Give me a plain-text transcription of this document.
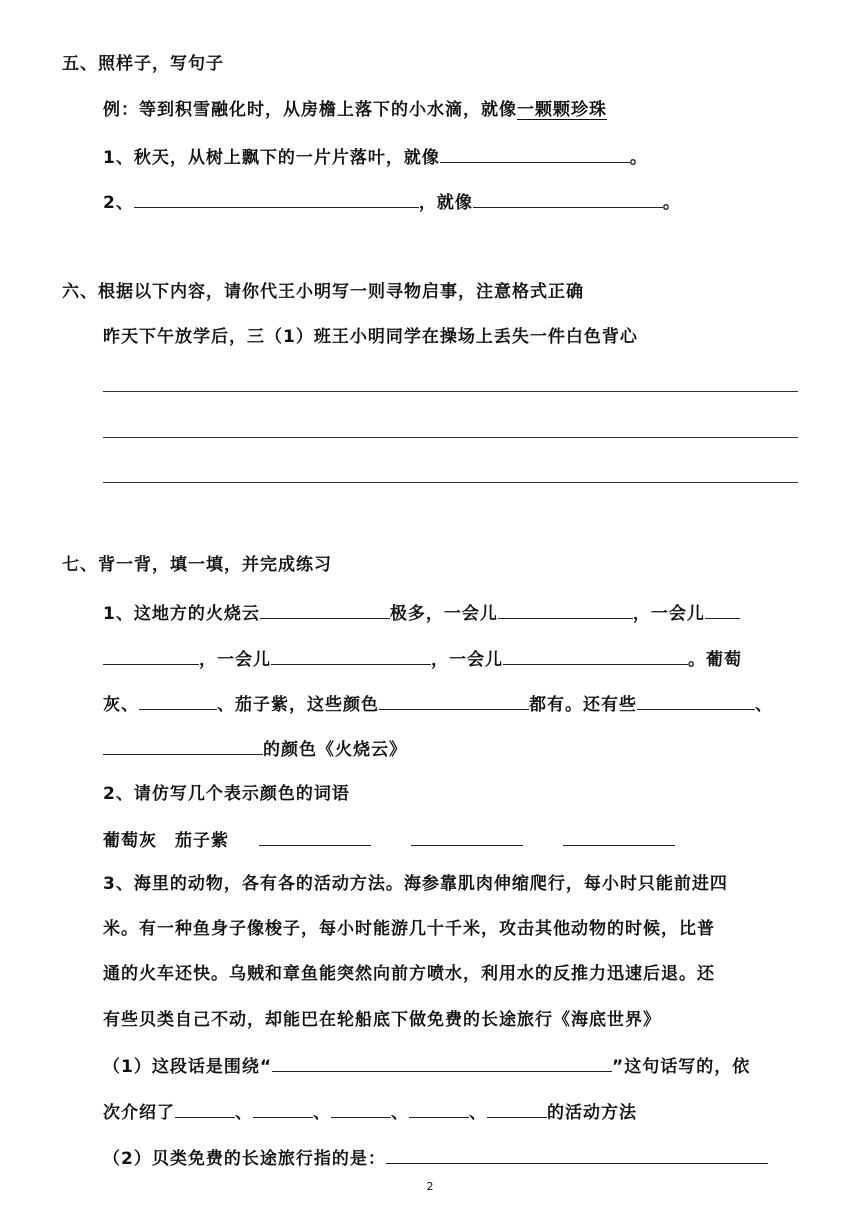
五、照样子，写句子
例：等到积雪融化时，从房檐上落下的小水滴，就像一颗颗珍珠
1、秋天，从树上飘下的一片片落叶，就像	。
2、	，就像	。
六、根据以下内容，请你代王小明写一则寻物启事，注意格式正确
昨天下午放学后，三（1）班王小明同学在操场上丢失一件白色背心
七、背一背，填一填，并完成练习
1、这地方的火烧云	极多，一会儿	，一会儿
，一会儿	，一会儿	。葡萄
灰、	、茄子紫，这些颜色	都有。还有些	、
的颜色《火烧云》
2、请仿写几个表示颜色的词语
葡萄灰　茄子紫
3、海里的动物，各有各的活动方法。海参靠肌肉伸缩爬行，每小时只能前进四
米。有一种鱼身子像梭子，每小时能游几十千米，攻击其他动物的时候，比普
通的火车还快。乌贼和章鱼能突然向前方喷水，利用水的反推力迅速后退。还
有些贝类自己不动，却能巴在轮船底下做免费的长途旅行《海底世界》
（1）这段话是围绕“	”这句话写的，依
次介绍了	、	、	、	、	的活动方法
（2）贝类免费的长途旅行指的是：
2
